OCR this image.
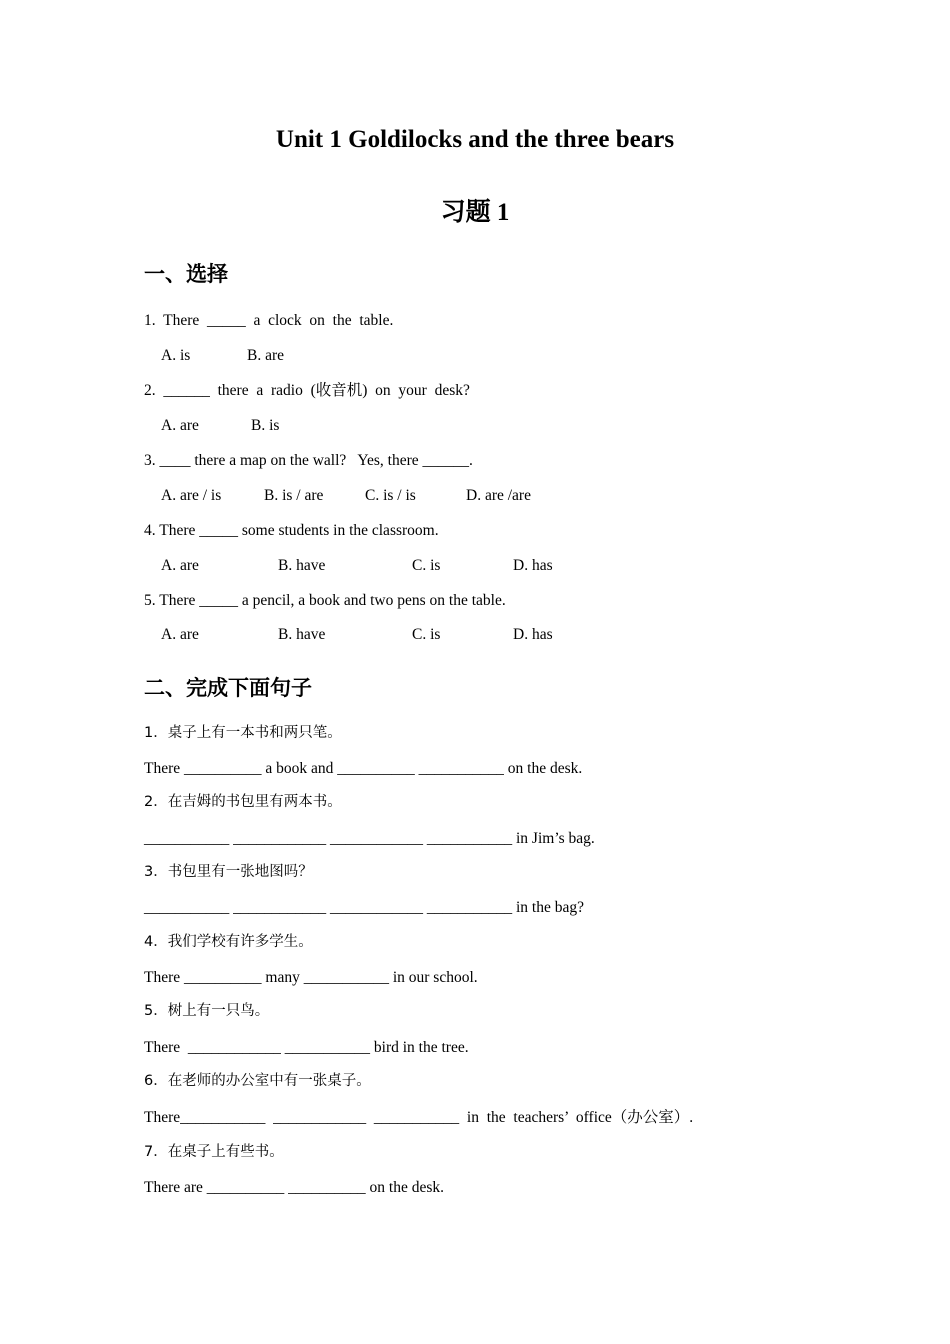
Unit 1 Goldilocks and the three bears
习题 1
一、选择
1.  There  _____  a  clock  on  the  table.
A. is	B. are
2.  ______  there  a  radio  (收音机)  on  your  desk?
A. are	B. is
3. ____ there a map on the wall?   Yes, there ______.
A. are / is	B. is / are	C. is / is	D. are /are
4. There _____ some students in the classroom.
A. are	B. have	C. is	D. has
5. There _____ a pencil, a book and two pens on the table.
A. are	B. have	C. is	D. has
二、完成下面句子
1．桌子上有一本书和两只笔。
There __________ a book and __________ ___________ on the desk.
2．在吉姆的书包里有两本书。
___________ ____________ ____________ ___________ in Jim’s bag.
3．书包里有一张地图吗？
___________ ____________ ____________ ___________ in the bag?
4．我们学校有许多学生。
There __________ many ___________ in our school.
5．树上有一只鸟。
There  ____________ ___________ bird in the tree.
6．在老师的办公室中有一张桌子。
There___________  ____________  ___________  in  the  teachers’  office（办公室）.
7．在桌子上有些书。
There are __________ __________ on the desk.
